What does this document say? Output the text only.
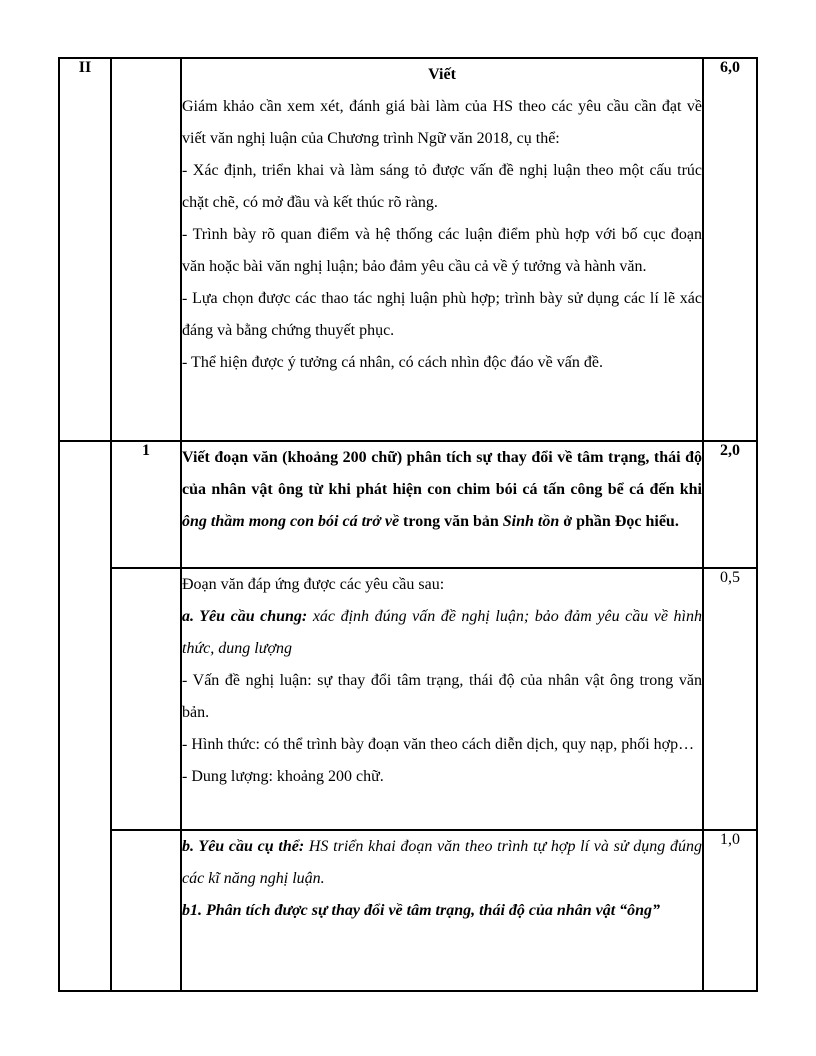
II		Viết

Giám khảo cần xem xét, đánh giá bài làm của HS theo các yêu cầu cần đạt về viết văn nghị luận của Chương trình Ngữ văn 2018, cụ thể:

- Xác định, triển khai và làm sáng tỏ được vấn đề nghị luận theo một cấu trúc chặt chẽ, có mở đầu và kết thúc rõ ràng.

- Trình bày rõ quan điểm và hệ thống các luận điểm phù hợp với bố cục đoạn văn hoặc bài văn nghị luận; bảo đảm yêu cầu cả về ý tưởng và hành văn.

- Lựa chọn được các thao tác nghị luận phù hợp; trình bày sử dụng các lí lẽ xác đáng và bằng chứng thuyết phục.

- Thể hiện được ý tưởng cá nhân, có cách nhìn độc đáo về vấn đề.

	6,0
	1	Viết đoạn văn (khoảng 200 chữ) phân tích sự thay đổi về tâm trạng, thái độ của nhân vật ông từ khi phát hiện con chim bói cá tấn công bể cá đến khi ông thầm mong con bói cá trở về trong văn bản Sinh tồn ở phần Đọc hiểu.	2,0

		Đoạn văn đáp ứng được các yêu cầu sau:

a. Yêu cầu chung: xác định đúng vấn đề nghị luận; bảo đảm yêu cầu về hình thức, dung lượng

- Vấn đề nghị luận: sự thay đổi tâm trạng, thái độ của nhân vật ông trong văn bản.

- Hình thức: có thể trình bày đoạn văn theo cách diễn dịch, quy nạp, phối hợp…

- Dung lượng: khoảng 200 chữ.	0,5

		b. Yêu cầu cụ thể: HS triển khai đoạn văn theo trình tự hợp lí và sử dụng đúng các kĩ năng nghị luận.

b1. Phân tích được sự thay đổi về tâm trạng, thái độ của nhân vật “ông”	1,0
